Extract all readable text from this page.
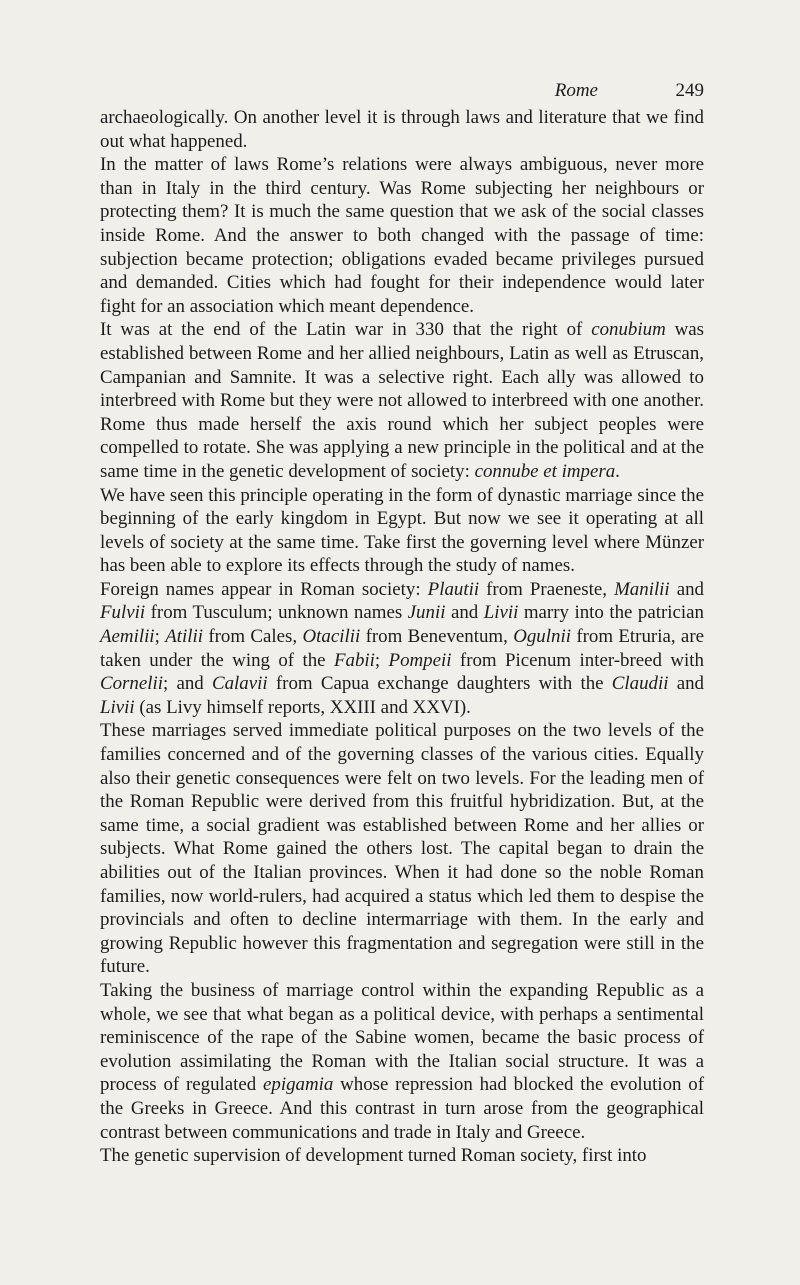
Rome	249

archaeologically. On another level it is through laws and literature that we find out what happened.

In the matter of laws Rome’s relations were always ambiguous, never more than in Italy in the third century. Was Rome subjecting her neighbours or protecting them? It is much the same question that we ask of the social classes inside Rome. And the answer to both changed with the passage of time: subjection became protection; obligations evaded became privileges pursued and demanded. Cities which had fought for their independence would later fight for an association which meant dependence.

It was at the end of the Latin war in 330 that the right of conubium was established between Rome and her allied neighbours, Latin as well as Etruscan, Campanian and Samnite. It was a selective right. Each ally was allowed to interbreed with Rome but they were not allowed to interbreed with one another. Rome thus made herself the axis round which her subject peoples were compelled to rotate. She was applying a new principle in the political and at the same time in the genetic development of society: connube et impera.

We have seen this principle operating in the form of dynastic marriage since the beginning of the early kingdom in Egypt. But now we see it operating at all levels of society at the same time. Take first the governing level where Münzer has been able to explore its effects through the study of names.

Foreign names appear in Roman society: Plautii from Praeneste, Manilii and Fulvii from Tusculum; unknown names Junii and Livii marry into the patrician Aemilii; Atilii from Cales, Otacilii from Beneventum, Ogulnii from Etruria, are taken under the wing of the Fabii; Pompeii from Picenum inter-breed with Cornelii; and Calavii from Capua exchange daughters with the Claudii and Livii (as Livy himself reports, XXIII and XXVI).

These marriages served immediate political purposes on the two levels of the families concerned and of the governing classes of the various cities. Equally also their genetic consequences were felt on two levels. For the leading men of the Roman Republic were derived from this fruitful hybridization. But, at the same time, a social gradient was established between Rome and her allies or subjects. What Rome gained the others lost. The capital began to drain the abilities out of the Italian provinces. When it had done so the noble Roman families, now world-rulers, had acquired a status which led them to despise the provincials and often to decline intermarriage with them. In the early and growing Republic however this fragmentation and segregation were still in the future.

Taking the business of marriage control within the expanding Republic as a whole, we see that what began as a political device, with perhaps a sentimental reminiscence of the rape of the Sabine women, became the basic process of evolution assimilating the Roman with the Italian social structure. It was a process of regulated epigamia whose repression had blocked the evolution of the Greeks in Greece. And this contrast in turn arose from the geographical contrast between communications and trade in Italy and Greece.

The genetic supervision of development turned Roman society, first into
